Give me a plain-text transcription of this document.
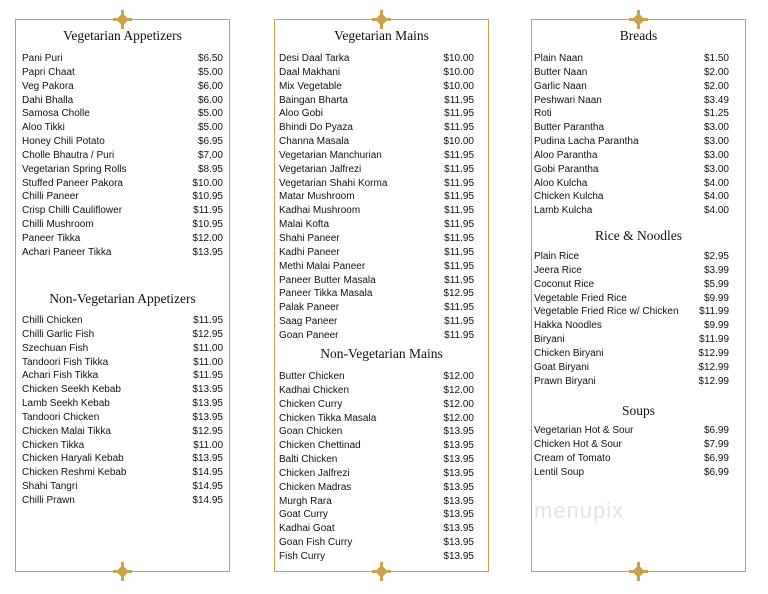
Vegetarian Appetizers
Pani Puri	$6.50
Papri Chaat	$5.00
Veg Pakora	$6.00
Dahi Bhalla	$6.00
Samosa Cholle	$5.00
Aloo Tikki	$5.00
Honey Chili Potato	$6.95
Cholle Bhautra / Puri	$7.00
Vegetarian Spring Rolls	$8.95
Stuffed Paneer Pakora	$10.00
Chilli Paneer	$10.95
Crisp Chilli Cauliflower	$11.95
Chilli Mushroom	$10.95
Paneer Tikka	$12.00
Achari Paneer Tikka	$13.95
Non-Vegetarian Appetizers
Chilli Chicken	$11.95
Chilli Garlic Fish	$12.95
Szechuan Fish	$11.00
Tandoori Fish Tikka	$11.00
Achari Fish Tikka	$11.95
Chicken Seekh Kebab	$13.95
Lamb Seekh Kebab	$13.95
Tandoori Chicken	$13.95
Chicken Malai Tikka	$12.95
Chicken Tikka	$11.00
Chicken Haryali Kebab	$13.95
Chicken Reshmi Kebab	$14.95
Shahi Tangri	$14.95
Chilli Prawn	$14.95
Vegetarian Mains
Desi Daal Tarka	$10.00
Daal Makhani	$10.00
Mix Vegetable	$10.00
Baingan Bharta	$11.95
Aloo Gobi	$11.95
Bhindi Do Pyaza	$11.95
Channa Masala	$10.00
Vegetarian Manchurian	$11.95
Vegetarian Jalfrezi	$11.95
Vegetarian Shahi Korma	$11.95
Matar Mushroom	$11.95
Kadhai Mushroom	$11.95
Malai Kofta	$11.95
Shahi Paneer	$11.95
Kadhi Paneer	$11.95
Methi Malai Paneer	$11.95
Paneer Butter Masala	$11.95
Paneer Tikka Masala	$12.95
Palak Paneer	$11.95
Saag Paneer	$11.95
Goan Paneer	$11.95
Non-Vegetarian Mains
Butter Chicken	$12.00
Kadhai Chicken	$12.00
Chicken Curry	$12.00
Chicken Tikka Masala	$12.00
Goan Chicken	$13.95
Chicken Chettinad	$13.95
Balti Chicken	$13.95
Chicken Jalfrezi	$13.95
Chicken Madras	$13.95
Murgh Rara	$13.95
Goat Curry	$13.95
Kadhai Goat	$13.95
Goan Fish Curry	$13.95
Fish Curry	$13.95
Breads
Plain Naan	$1.50
Butter Naan	$2.00
Garlic Naan	$2.00
Peshwari Naan	$3.49
Roti	$1.25
Butter Parantha	$3.00
Pudina Lacha Parantha	$3.00
Aloo Parantha	$3.00
Gobi Parantha	$3.00
Aloo Kulcha	$4.00
Chicken Kulcha	$4.00
Lamb Kulcha	$4.00
Rice & Noodles
Plain Rice	$2.95
Jeera Rice	$3.99
Coconut Rice	$5.99
Vegetable Fried Rice	$9.99
Vegetable Fried Rice w/ Chicken $11.99
Hakka Noodles	$9.99
Biryani	$11.99
Chicken Biryani	$12.99
Goat Biryani	$12.99
Prawn Biryani	$12.99
Soups
Vegetarian Hot & Sour	$6.99
Chicken Hot & Sour	$7.99
Cream of Tomato	$6.99
Lentil Soup	$6.99
menupix
